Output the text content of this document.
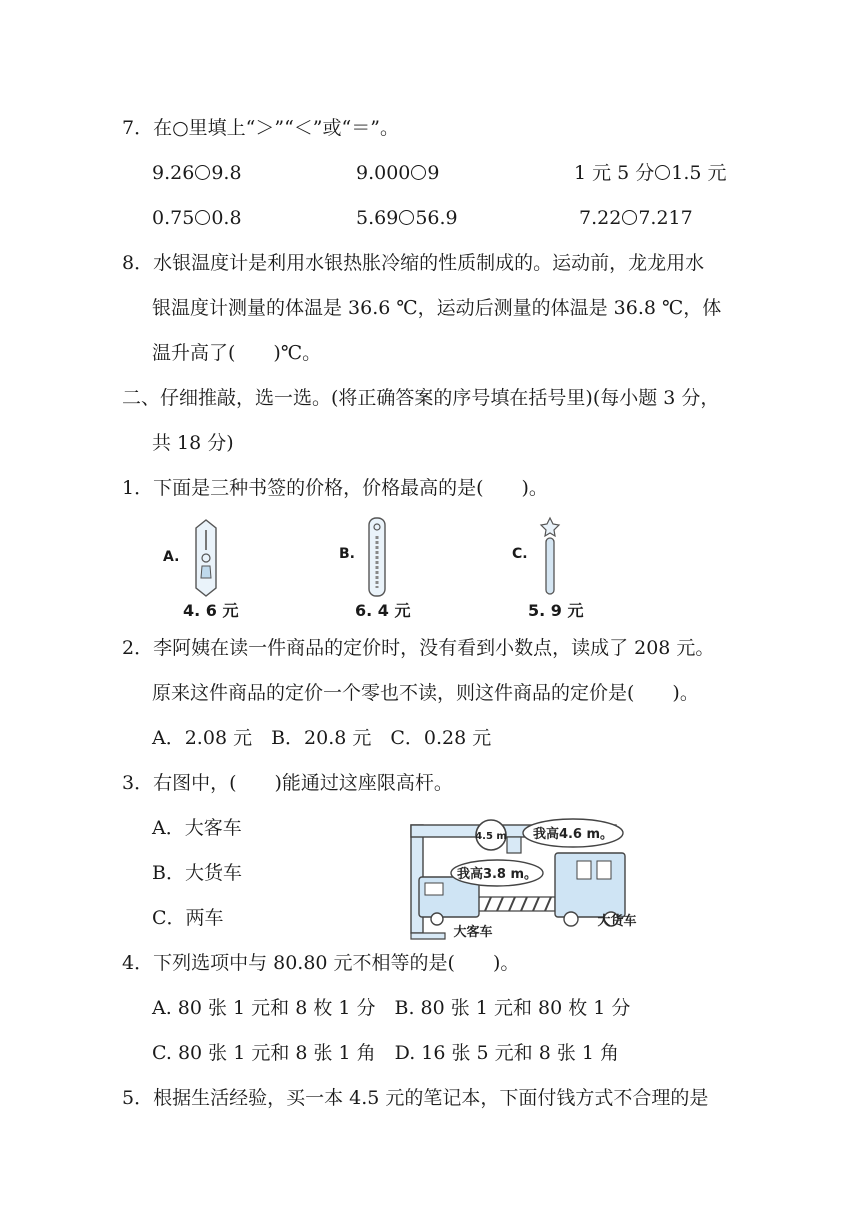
7．在○里填上“＞”“＜”或“＝”。
9.26 9.8	9.000 9	1 元 5 分 1.5 元
0.75 0.8	5.69 56.9	7.22 7.217
8．水银温度计是利用水银热胀冷缩的性质制成的。运动前，龙龙用水
银温度计测量的体温是 36.6 ℃，运动后测量的体温是 36.8 ℃，体
温升高了(　　)℃。
二、仔细推敲，选一选。(将正确答案的序号填在括号里)(每小题 3 分，
共 18 分)
1．下面是三种书签的价格，价格最高的是(　　)。
A.
4. 6 元
B.
6. 4 元
C.
5. 9 元
2．李阿姨在读一件商品的定价时，没有看到小数点，读成了 208 元。
原来这件商品的定价一个零也不读，则这件商品的定价是(　　)。
A．2.08 元　B．20.8 元　C．0.28 元
3．右图中，(　　)能通过这座限高杆。
A．大客车
B．大货车
C．两车
4.5 m 我高4.6 m。
我高3.8 m。
大客车
大货车
4．下列选项中与 80.80 元不相等的是(　　)。
A. 80 张 1 元和 8 枚 1 分　B. 80 张 1 元和 80 枚 1 分
C. 80 张 1 元和 8 张 1 角　D. 16 张 5 元和 8 张 1 角
5．根据生活经验，买一本 4.5 元的笔记本，下面付钱方式不合理的是
